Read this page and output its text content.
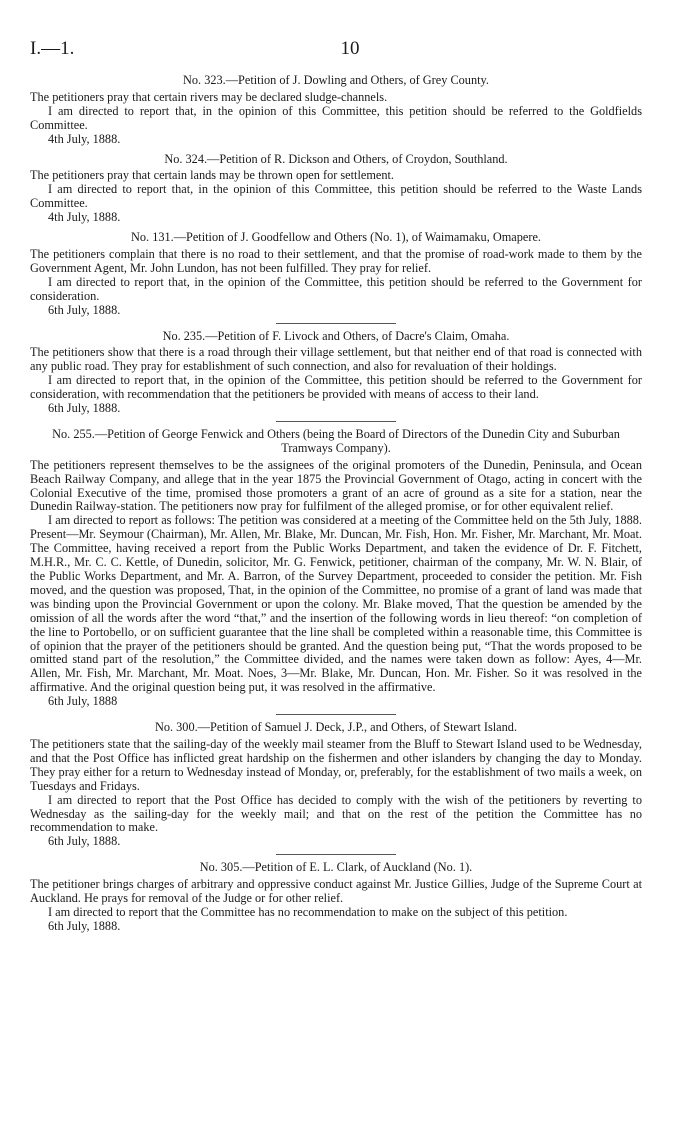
10
I.—1.

No. 323.—Petition of J. Dowling and Others, of Grey County.

The petitioners pray that certain rivers may be declared sludge-channels.

I am directed to report that, in the opinion of this Committee, this petition should be referred to the Goldfields Committee.

4th July, 1888.

No. 324.—Petition of R. Dickson and Others, of Croydon, Southland.

The petitioners pray that certain lands may be thrown open for settlement.

I am directed to report that, in the opinion of this Committee, this petition should be referred to the Waste Lands Committee.

4th July, 1888.

No. 131.—Petition of J. Goodfellow and Others (No. 1), of Waimamaku, Omapere.

The petitioners complain that there is no road to their settlement, and that the promise of road-work made to them by the Government Agent, Mr. John Lundon, has not been fulfilled. They pray for relief.

I am directed to report that, in the opinion of the Committee, this petition should be referred to the Government for consideration.

6th July, 1888.

No. 235.—Petition of F. Livock and Others, of Dacre's Claim, Omaha.

The petitioners show that there is a road through their village settlement, but that neither end of that road is connected with any public road. They pray for establishment of such connection, and also for revaluation of their holdings.

I am directed to report that, in the opinion of the Committee, this petition should be referred to the Government for consideration, with recommendation that the petitioners be provided with means of access to their land.

6th July, 1888.

No. 255.—Petition of George Fenwick and Others (being the Board of Directors of the Dunedin City and Suburban Tramways Company).

The petitioners represent themselves to be the assignees of the original promoters of the Dunedin, Peninsula, and Ocean Beach Railway Company, and allege that in the year 1875 the Provincial Government of Otago, acting in concert with the Colonial Executive of the time, promised those promoters a grant of an acre of ground as a site for a station, near the Dunedin Railway-station. The petitioners now pray for fulfilment of the alleged promise, or for other equivalent relief.

I am directed to report as follows: The petition was considered at a meeting of the Committee held on the 5th July, 1888. Present—Mr. Seymour (Chairman), Mr. Allen, Mr. Blake, Mr. Duncan, Mr. Fish, Hon. Mr. Fisher, Mr. Marchant, Mr. Moat. The Committee, having received a report from the Public Works Department, and taken the evidence of Dr. F. Fitchett, M.H.R., Mr. C. C. Kettle, of Dunedin, solicitor, Mr. G. Fenwick, petitioner, chairman of the company, Mr. W. N. Blair, of the Public Works Department, and Mr. A. Barron, of the Survey Department, proceeded to consider the petition. Mr. Fish moved, and the question was proposed, That, in the opinion of the Committee, no promise of a grant of land was made that was binding upon the Provincial Government or upon the colony. Mr. Blake moved, That the question be amended by the omission of all the words after the word “that,” and the insertion of the following words in lieu thereof: “on completion of the line to Portobello, or on sufficient guarantee that the line shall be completed within a reasonable time, this Committee is of opinion that the prayer of the petitioners should be granted. And the question being put, “That the words proposed to be omitted stand part of the resolution,” the Committee divided, and the names were taken down as follow: Ayes, 4—Mr. Allen, Mr. Fish, Mr. Marchant, Mr. Moat. Noes, 3—Mr. Blake, Mr. Duncan, Hon. Mr. Fisher. So it was resolved in the affirmative. And the original question being put, it was resolved in the affirmative.

6th July, 1888

No. 300.—Petition of Samuel J. Deck, J.P., and Others, of Stewart Island.

The petitioners state that the sailing-day of the weekly mail steamer from the Bluff to Stewart Island used to be Wednesday, and that the Post Office has inflicted great hardship on the fishermen and other islanders by changing the day to Monday. They pray either for a return to Wednesday instead of Monday, or, preferably, for the establishment of two mails a week, on Tuesdays and Fridays.

I am directed to report that the Post Office has decided to comply with the wish of the petitioners by reverting to Wednesday as the sailing-day for the weekly mail; and that on the rest of the petition the Committee has no recommendation to make.

6th July, 1888.

No. 305.—Petition of E. L. Clark, of Auckland (No. 1).

The petitioner brings charges of arbitrary and oppressive conduct against Mr. Justice Gillies, Judge of the Supreme Court at Auckland. He prays for removal of the Judge or for other relief.

I am directed to report that the Committee has no recommendation to make on the subject of this petition.

6th July, 1888.
